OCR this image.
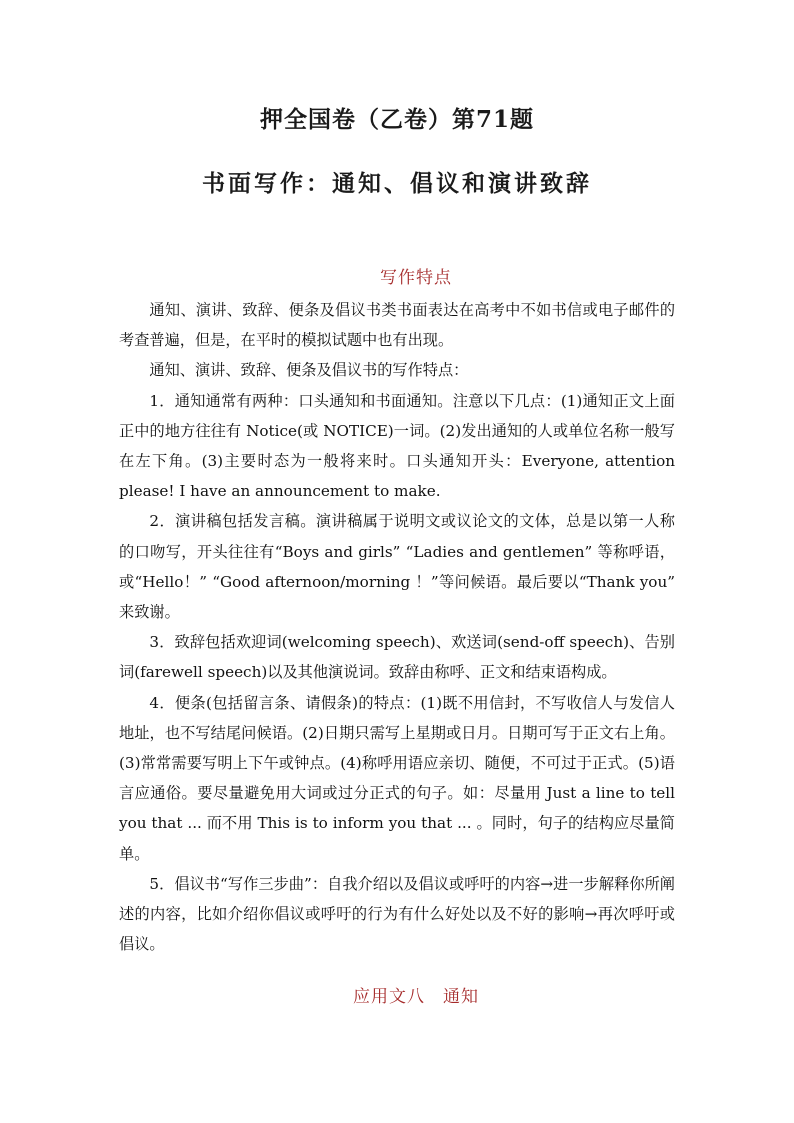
押全国卷（乙卷）第71题
书面写作：通知、倡议和演讲致辞
写作特点

通知、演讲、致辞、便条及倡议书类书面表达在高考中不如书信或电子邮件的考查普遍，但是，在平时的模拟试题中也有出现。

通知、演讲、致辞、便条及倡议书的写作特点：

1．通知通常有两种：口头通知和书面通知。注意以下几点：(1)通知正文上面正中的地方往往有 Notice(或 NOTICE)一词。(2)发出通知的人或单位名称一般写在左下角。(3)主要时态为一般将来时。口头通知开头：Everyone, attention please! I have an announcement to make.

2．演讲稿包括发言稿。演讲稿属于说明文或议论文的文体，总是以第一人称的口吻写，开头往往有“Boys and girls” “Ladies and gentlemen” 等称呼语，或“Hello！” “Good afternoon/morning ！”等问候语。最后要以“Thank you” 来致谢。

3．致辞包括欢迎词(welcoming speech)、欢送词(send-off speech)、告别词(farewell speech)以及其他演说词。致辞由称呼、正文和结束语构成。

4．便条(包括留言条、请假条)的特点：(1)既不用信封，不写收信人与发信人地址，也不写结尾问候语。(2)日期只需写上星期或日月。日期可写于正文右上角。(3)常常需要写明上下午或钟点。(4)称呼用语应亲切、随便，不可过于正式。(5)语言应通俗。要尽量避免用大词或过分正式的句子。如：尽量用 Just a line to tell you that ... 而不用 This is to inform you that ... 。同时，句子的结构应尽量简单。

5．倡议书“写作三步曲”：自我介绍以及倡议或呼吁的内容→进一步解释你所阐述的内容，比如介绍你倡议或呼吁的行为有什么好处以及不好的影响→再次呼吁或倡议。

应用文八　通知
